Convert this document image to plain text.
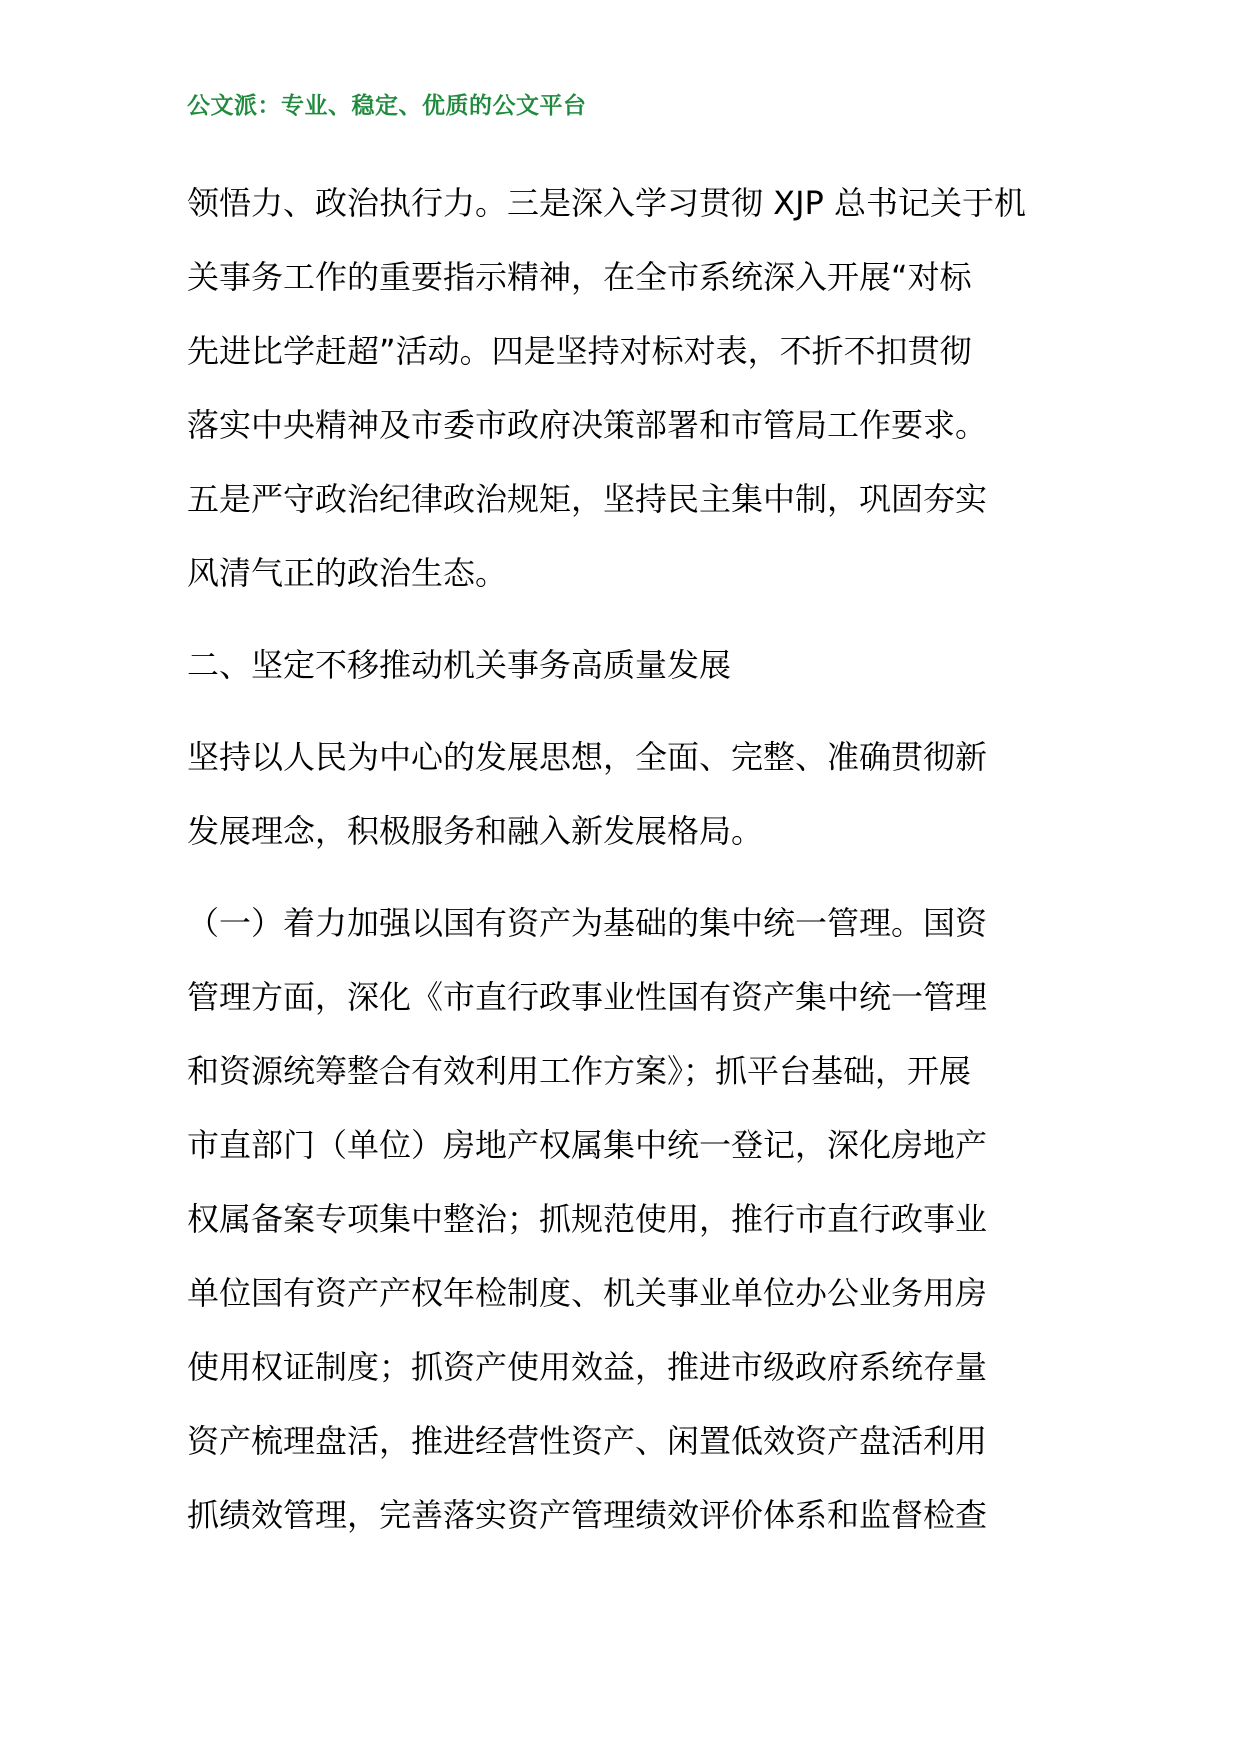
公文派：专业、稳定、优质的公文平台
领悟力、政治执行力。三是深入学习贯彻 XJP 总书记关于机
关事务工作的重要指示精神，在全市系统深入开展“对标
先进比学赶超”活动。四是坚持对标对表，不折不扣贯彻
落实中央精神及市委市政府决策部署和市管局工作要求。
五是严守政治纪律政治规矩，坚持民主集中制，巩固夯实
风清气正的政治生态。
二、坚定不移推动机关事务高质量发展
坚持以人民为中心的发展思想，全面、完整、准确贯彻新
发展理念，积极服务和融入新发展格局。
（一）着力加强以国有资产为基础的集中统一管理。国资
管理方面，深化《市直行政事业性国有资产集中统一管理
和资源统筹整合有效利用工作方案》；抓平台基础，开展
市直部门（单位）房地产权属集中统一登记，深化房地产
权属备案专项集中整治；抓规范使用，推行市直行政事业
单位国有资产产权年检制度、机关事业单位办公业务用房
使用权证制度；抓资产使用效益，推进市级政府系统存量
资产梳理盘活，推进经营性资产、闲置低效资产盘活利用
抓绩效管理，完善落实资产管理绩效评价体系和监督检查
